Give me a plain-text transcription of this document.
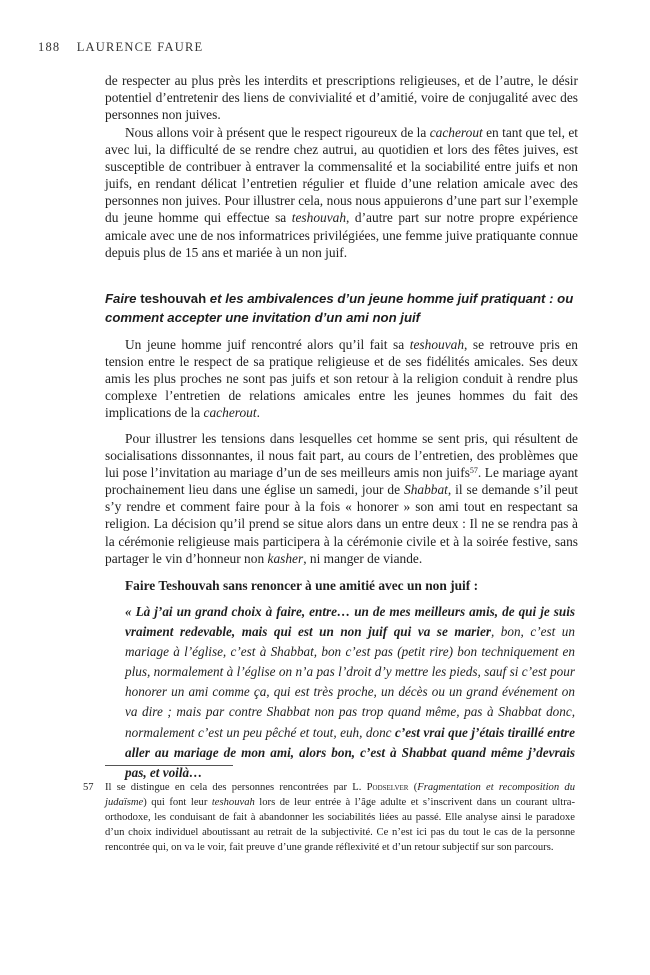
188 LAURENCE FAURE

de respecter au plus près les interdits et prescriptions religieuses, et de l’autre, le désir potentiel d’entretenir des liens de convivialité et d’amitié, voire de conjugalité avec des personnes non juives.

Nous allons voir à présent que le respect rigoureux de la cacherout en tant que tel, et avec lui, la difficulté de se rendre chez autrui, au quotidien et lors des fêtes juives, est susceptible de contribuer à entraver la commensalité et la sociabilité entre juifs et non juifs, en rendant délicat l’entretien régulier et fluide d’une relation amicale avec des personnes non juives. Pour illustrer cela, nous nous appuierons d’une part sur l’exemple du jeune homme qui effectue sa teshouvah, d’autre part sur notre propre expérience amicale avec une de nos informatrices privilégiées, une femme juive pratiquante connue depuis plus de 15 ans et mariée à un non juif.

Faire teshouvah et les ambivalences d’un jeune homme juif pratiquant : ou comment accepter une invitation d’un ami non juif

Un jeune homme juif rencontré alors qu’il fait sa teshouvah, se retrouve pris en tension entre le respect de sa pratique religieuse et de ses fidélités amicales. Ses deux amis les plus proches ne sont pas juifs et son retour à la religion conduit à rendre plus complexe l’entretien de relations amicales entre les jeunes hommes du fait des implications de la cacherout.

Pour illustrer les tensions dans lesquelles cet homme se sent pris, qui résultent de socialisations dissonnantes, il nous fait part, au cours de l’entretien, des problèmes que lui pose l’invitation au mariage d’un de ses meilleurs amis non juifs$^{57}$. Le mariage ayant prochainement lieu dans une église un samedi, jour de Shabbat, il se demande s’il peut s’y rendre et comment faire pour à la fois « honorer » son ami tout en respectant sa religion. La décision qu’il prend se situe alors dans un entre deux : Il ne se rendra pas à la cérémonie religieuse mais participera à la cérémonie civile et à la soirée festive, sans partager le vin d’honneur non kasher, ni manger de viande.

Faire Teshouvah sans renoncer à une amitié avec un non juif :
« Là j’ai un grand choix à faire, entre… un de mes meilleurs amis, de qui je suis vraiment redevable, mais qui est un non juif qui va se marier, bon, c’est un mariage à l’église, c’est à Shabbat, bon c’est pas (petit rire) bon techniquement en plus, normalement à l’église on n’a pas l’droit d’y mettre les pieds, sauf si c’est pour honorer un ami comme ça, qui est très proche, un décès ou un grand événement on va dire ; mais par contre Shabbat non pas trop quand même, pas à Shabbat donc, normalement c’est un peu pêché et tout, euh, donc c’est vrai que j’étais tiraillé entre aller au mariage de mon ami, alors bon, c’est à Shabbat quand même j’devrais pas, et voilà…
57 Il se distingue en cela des personnes rencontrées par L. Podselver (Fragmentation et recomposition du judaïsme) qui font leur teshouvah lors de leur entrée à l’âge adulte et s’inscrivent dans un courant ultra-orthodoxe, les conduisant de fait à abandonner les sociabilités liées au passé. Elle analyse ainsi le paradoxe d’un choix individuel aboutissant au retrait de la subjectivité. Ce n’est ici pas du tout le cas de la personne rencontrée qui, on va le voir, fait preuve d’une grande réflexivité et d’un retour subjectif sur son parcours.
